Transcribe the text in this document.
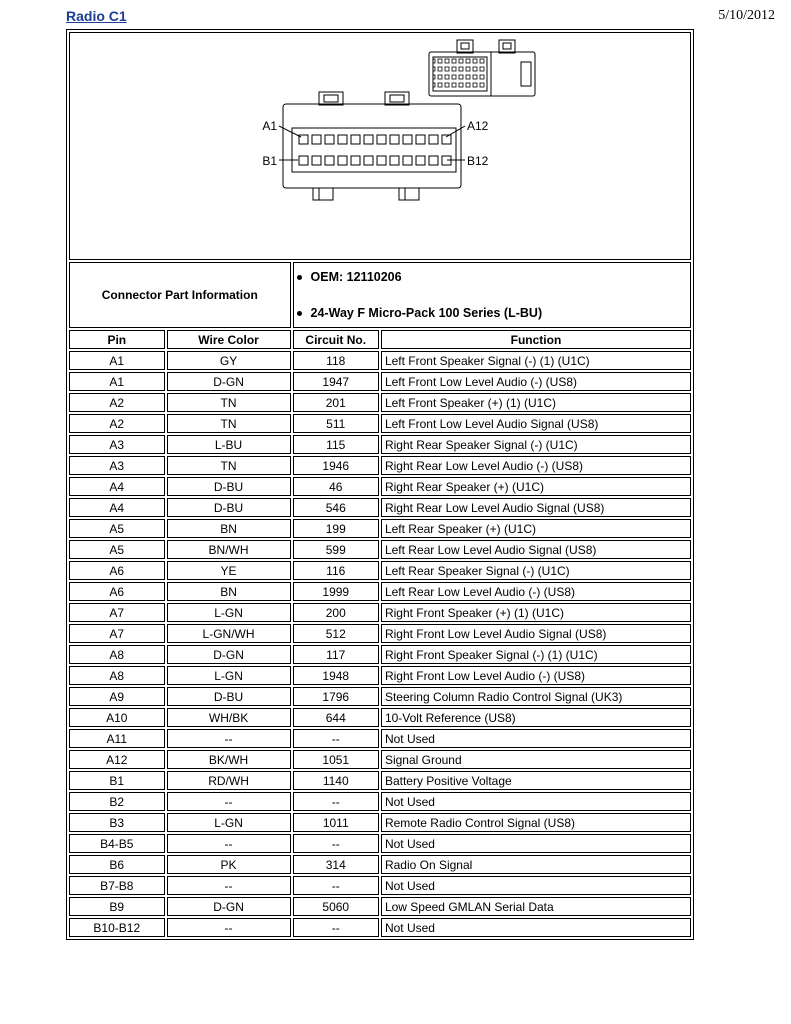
Radio C1	5/10/2012
A1 A12
B1 B12			

Connector Part Information		OEM: 12110206
24-Way F Micro-Pack 100 Series (L-BU)	

Pin	Wire Color	Circuit No.	Function
A1	GY	118	Left Front Speaker Signal (-) (1) (U1C)
A1	D-GN	1947	Left Front Low Level Audio (-) (US8)
A2	TN	201	Left Front Speaker (+) (1) (U1C)
A2	TN	511	Left Front Low Level Audio Signal (US8)
A3	L-BU	115	Right Rear Speaker Signal (-) (U1C)
A3	TN	1946	Right Rear Low Level Audio (-) (US8)
A4	D-BU	46	Right Rear Speaker (+) (U1C)
A4	D-BU	546	Right Rear Low Level Audio Signal (US8)
A5	BN	199	Left Rear Speaker (+) (U1C)
A5	BN/WH	599	Left Rear Low Level Audio Signal (US8)
A6	YE	116	Left Rear Speaker Signal (-) (U1C)
A6	BN	1999	Left Rear Low Level Audio (-) (US8)
A7	L-GN	200	Right Front Speaker (+) (1) (U1C)
A7	L-GN/WH	512	Right Front Low Level Audio Signal (US8)
A8	D-GN	117	Right Front Speaker Signal (-) (1) (U1C)
A8	L-GN	1948	Right Front Low Level Audio (-) (US8)
A9	D-BU	1796	Steering Column Radio Control Signal (UK3)
A10	WH/BK	644	10-Volt Reference (US8)
A11	--	--	Not Used
A12	BK/WH	1051	Signal Ground
B1	RD/WH	1140	Battery Positive Voltage
B2	--	--	Not Used
B3	L-GN	1011	Remote Radio Control Signal (US8)
B4-B5	--	--	Not Used
B6	PK	314	Radio On Signal
B7-B8	--	--	Not Used
B9	D-GN	5060	Low Speed GMLAN Serial Data
B10-B12	--	--	Not Used
